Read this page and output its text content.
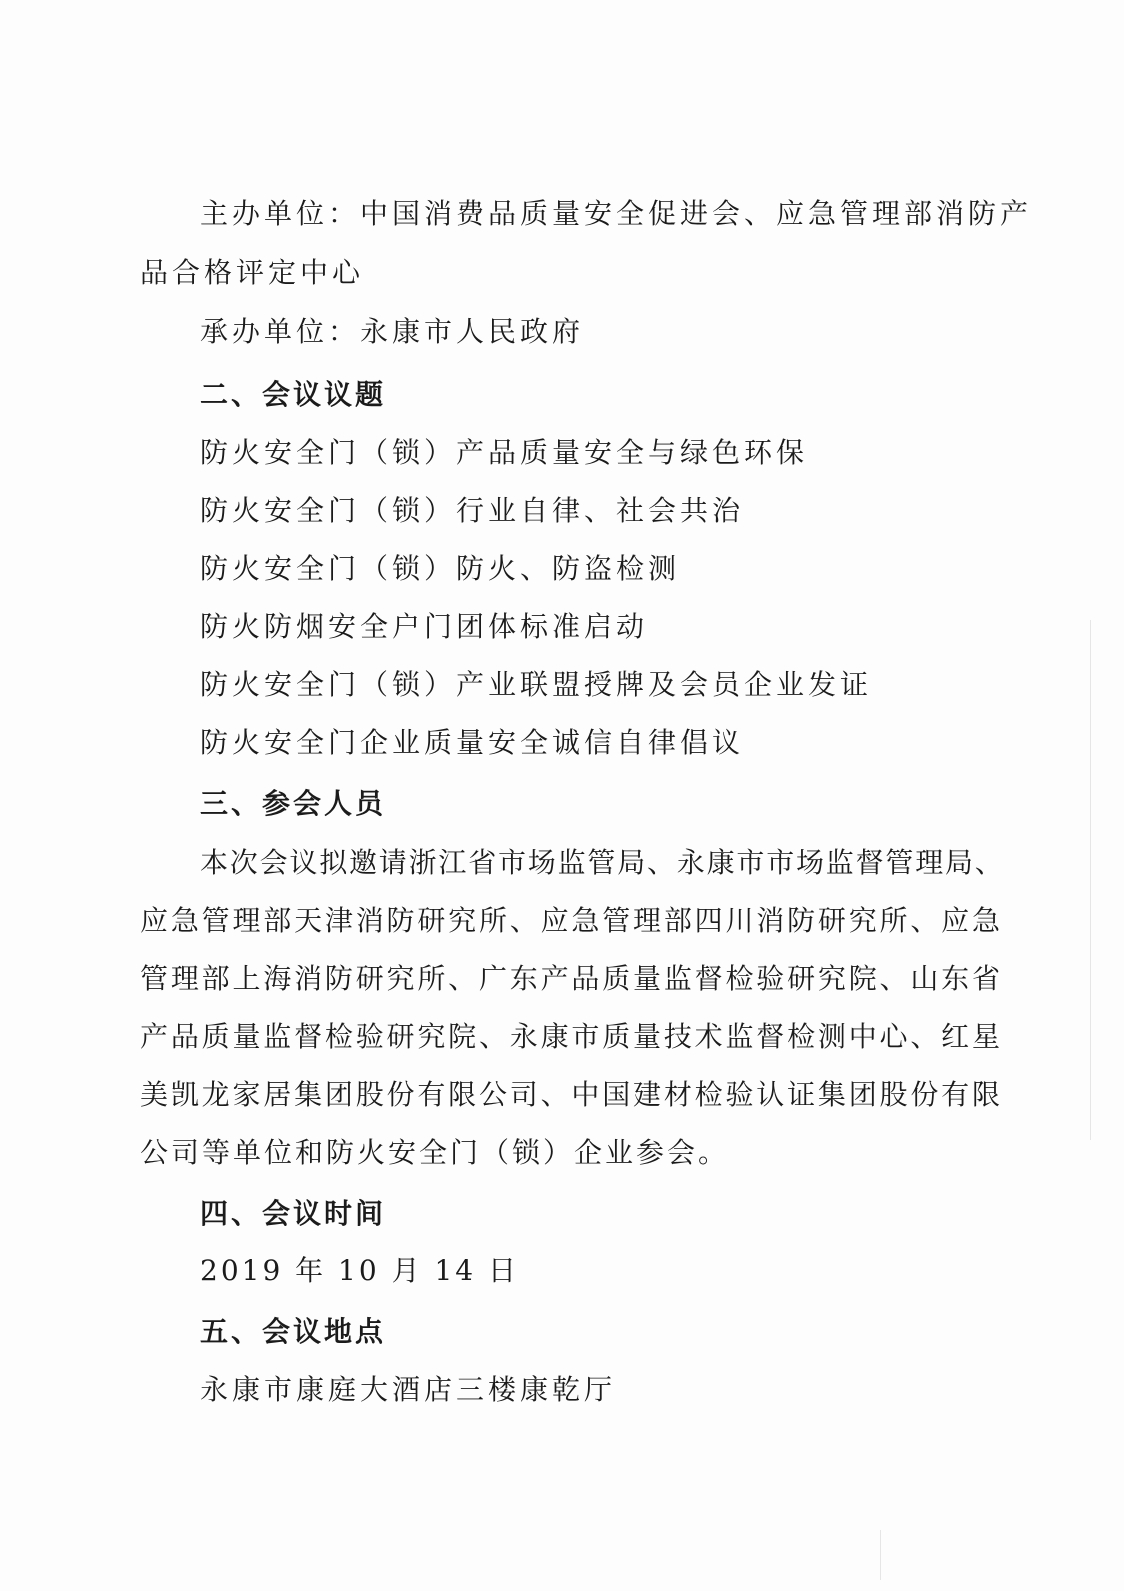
主办单位：中国消费品质量安全促进会、应急管理部消防产
品合格评定中心
承办单位：永康市人民政府
二、会议议题
防火安全门（锁）产品质量安全与绿色环保
防火安全门（锁）行业自律、社会共治
防火安全门（锁）防火、防盗检测
防火防烟安全户门团体标准启动
防火安全门（锁）产业联盟授牌及会员企业发证
防火安全门企业质量安全诚信自律倡议
三、参会人员
本次会议拟邀请浙江省市场监管局、永康市市场监督管理局、
应急管理部天津消防研究所、应急管理部四川消防研究所、应急
管理部上海消防研究所、广东产品质量监督检验研究院、山东省
产品质量监督检验研究院、永康市质量技术监督检测中心、红星
美凯龙家居集团股份有限公司、中国建材检验认证集团股份有限
公司等单位和防火安全门（锁）企业参会。
四、会议时间
2019 年 10 月 14 日
五、会议地点
永康市康庭大酒店三楼康乾厅
